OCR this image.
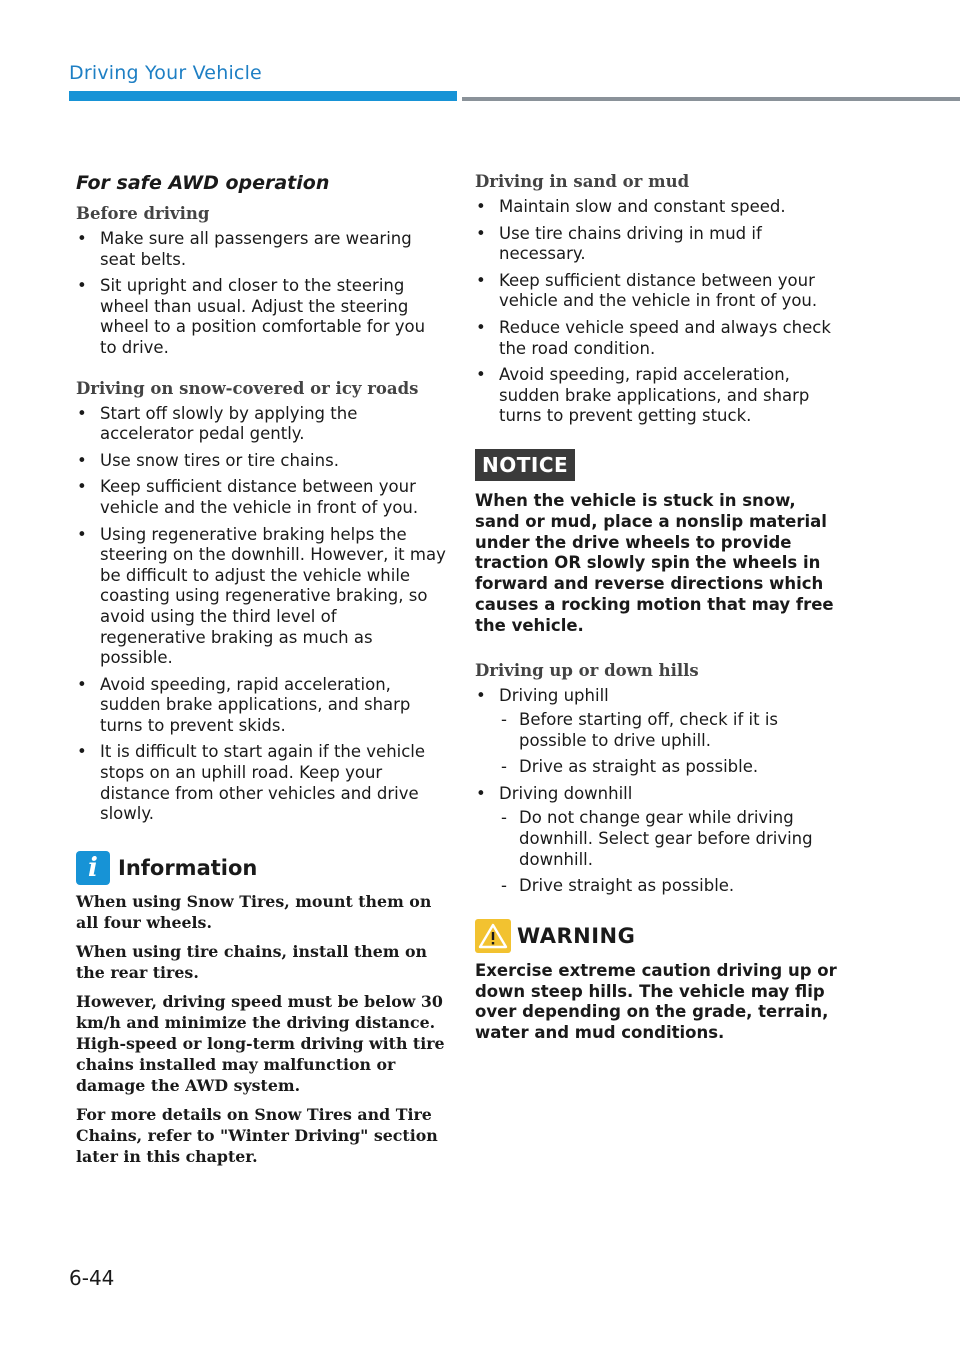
Driving Your Vehicle
For safe AWD operation
Before driving
• Make sure all passengers are wearing seat belts.
• Sit upright and closer to the steering wheel than usual. Adjust the steering wheel to a position comfortable for you to drive.
Driving on snow-covered or icy roads
• Start off slowly by applying the accelerator pedal gently.
• Use snow tires or tire chains.
• Keep sufficient distance between your vehicle and the vehicle in front of you.
• Using regenerative braking helps the steering on the downhill. However, it may be difficult to adjust the vehicle while coasting using regenerative braking, so avoid using the third level of regenerative braking as much as possible.
• Avoid speeding, rapid acceleration, sudden brake applications, and sharp turns to prevent skids.
• It is difficult to start again if the vehicle stops on an uphill road. Keep your distance from other vehicles and drive slowly.
i Information

When using Snow Tires, mount them on all four wheels.

When using tire chains, install them on the rear tires.

However, driving speed must be below 30 km/h and minimize the driving distance. High-speed or long-term driving with tire chains installed may malfunction or damage the AWD system.

For more details on Snow Tires and Tire Chains, refer to "Winter Driving" section later in this chapter.

Driving in sand or mud
• Maintain slow and constant speed.
• Use tire chains driving in mud if necessary.
• Keep sufficient distance between your vehicle and the vehicle in front of you.
• Reduce vehicle speed and always check the road condition.
• Avoid speeding, rapid acceleration, sudden brake applications, and sharp turns to prevent getting stuck.
NOTICE

When the vehicle is stuck in snow, sand or mud, place a nonslip material under the drive wheels to provide traction OR slowly spin the wheels in forward and reverse directions which causes a rocking motion that may free the vehicle.

Driving up or down hills
• Driving uphill
- Before starting off, check if it is possible to drive uphill.
- Drive as straight as possible.
• Driving downhill
- Do not change gear while driving downhill. Select gear before driving downhill.
- Drive straight as possible.
WARNING

Exercise extreme caution driving up or down steep hills. The vehicle may flip over depending on the grade, terrain, water and mud conditions.

6-44
